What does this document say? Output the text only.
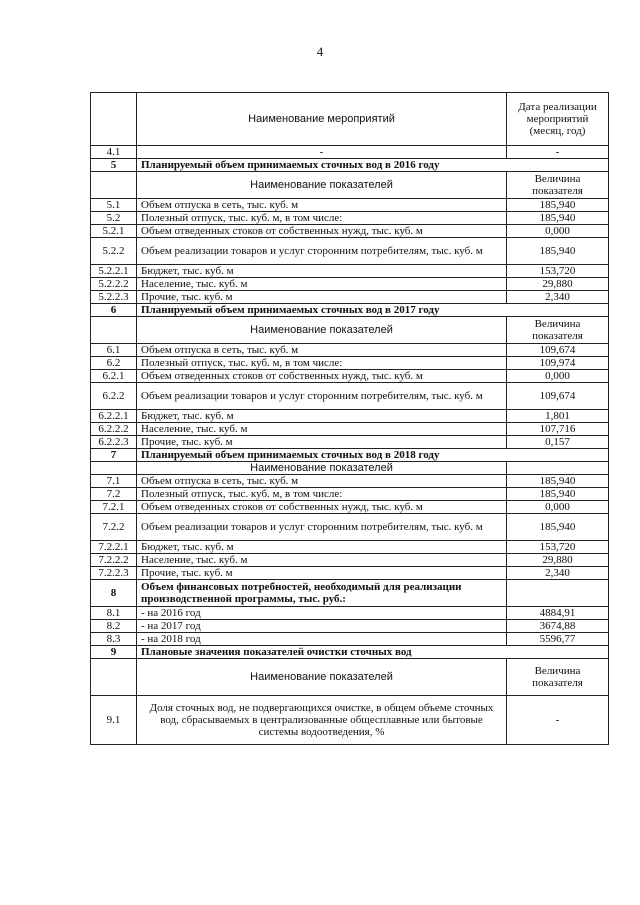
4
	Наименование мероприятий	Дата реализации мероприятий (месяц, год)
4.1	-	-
5	Планируемый объем принимаемых сточных вод в 2016 году	
	Наименование показателей	Величина показателя
5.1	Объем отпуска в сеть, тыс. куб. м	185,940
5.2	Полезный отпуск, тыс. куб. м, в том числе:	185,940
5.2.1	Объем отведенных стоков от собственных нужд, тыс. куб. м	0,000
5.2.2	Объем реализации товаров и услуг сторонним потребителям, тыс. куб. м	185,940
5.2.2.1	Бюджет, тыс. куб. м	153,720
5.2.2.2	Население, тыс. куб. м	29,880
5.2.2.3	Прочие, тыс. куб. м	2,340
6	Планируемый объем принимаемых сточных вод в 2017 году	
	Наименование показателей	Величина показателя
6.1	Объем отпуска в сеть, тыс. куб. м	109,674
6.2	Полезный отпуск, тыс. куб. м, в том числе:	109,974
6.2.1	Объем отведенных стоков от собственных нужд, тыс. куб. м	0,000
6.2.2	Объем реализации товаров и услуг сторонним потребителям, тыс. куб. м	109,674
6.2.2.1	Бюджет, тыс. куб. м	1,801
6.2.2.2	Население, тыс. куб. м	107,716
6.2.2.3	Прочие, тыс. куб. м	0,157
7	Планируемый объем принимаемых сточных вод в 2018 году	
	Наименование показателей	
7.1	Объем отпуска в сеть, тыс. куб. м	185,940
7.2	Полезный отпуск, тыс. куб. м, в том числе:	185,940
7.2.1	Объем отведенных стоков от собственных нужд, тыс. куб. м	0,000
7.2.2	Объем реализации товаров и услуг сторонним потребителям, тыс. куб. м	185,940
7.2.2.1	Бюджет, тыс. куб. м	153,720
7.2.2.2	Население, тыс. куб. м	29,880
7.2.2.3	Прочие, тыс. куб. м	2,340
8	Объем финансовых потребностей, необходимый для реализации производственной программы, тыс. руб.:	
8.1	- на 2016 год	4884,91
8.2	- на 2017 год	3674,88
8.3	- на 2018 год	5596,77
9	Плановые значения показателей очистки сточных вод	
	Наименование показателей	Величина показателя
9.1	Доля сточных вод, не подвергающихся очистке, в общем объеме сточных вод, сбрасываемых в централизованные общесплавные или бытовые системы водоотведения, %	-
